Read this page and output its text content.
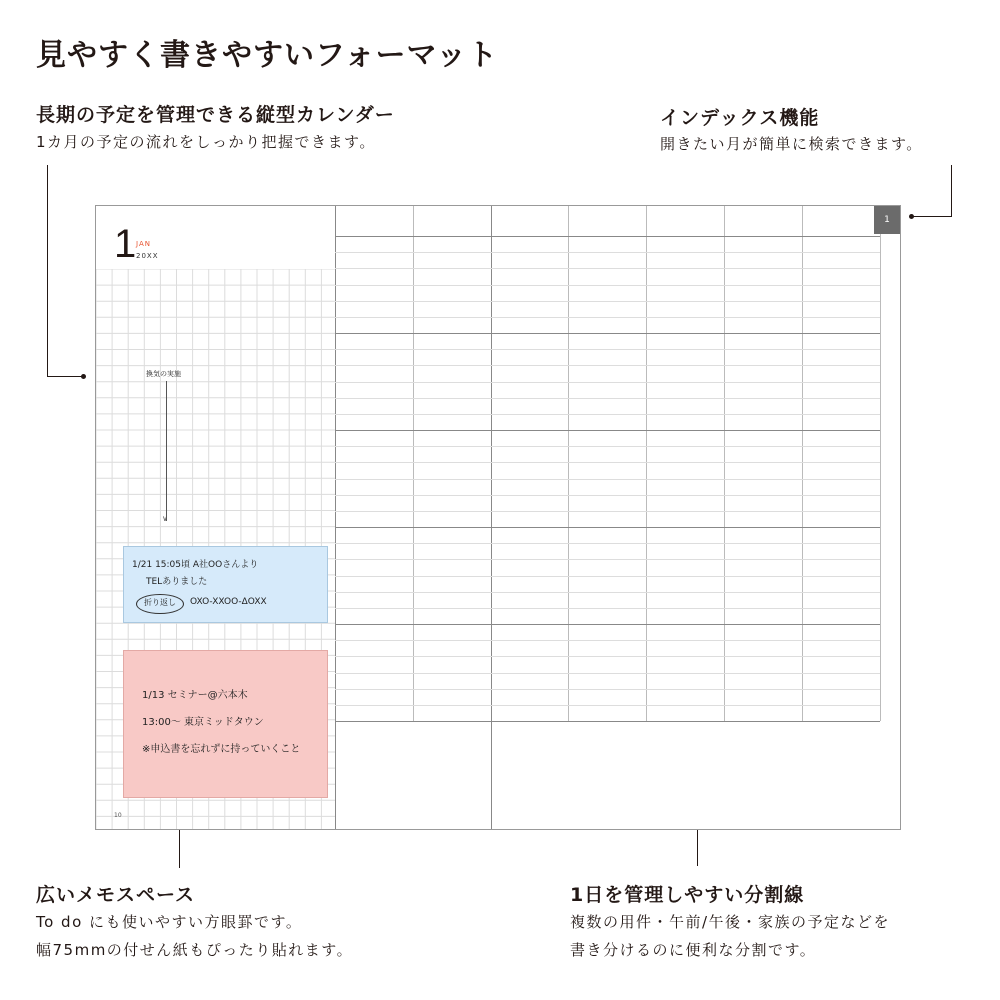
見やすく書きやすいフォーマット
長期の予定を管理できる縦型カレンダー
1カ月の予定の流れをしっかり把握できます。
インデックス機能
開きたい月が簡単に検索できます。
広いメモスペース
To do にも使いやすい方眼罫です。
幅75mmの付せん紙もぴったり貼れます。
1日を管理しやすい分割線
複数の用件・午前/午後・家族の予定などを
書き分けるのに便利な分割です。
1 JAN
20XX
10
換気の実施
∨
1/21 15:05頃 A社OOさんより
TELありました
折り返し OXO-XXOO-ΔOXX
1/13 セミナー@六本木
13:00～ 東京ミッドタウン
※申込書を忘れずに持っていくこと
1
